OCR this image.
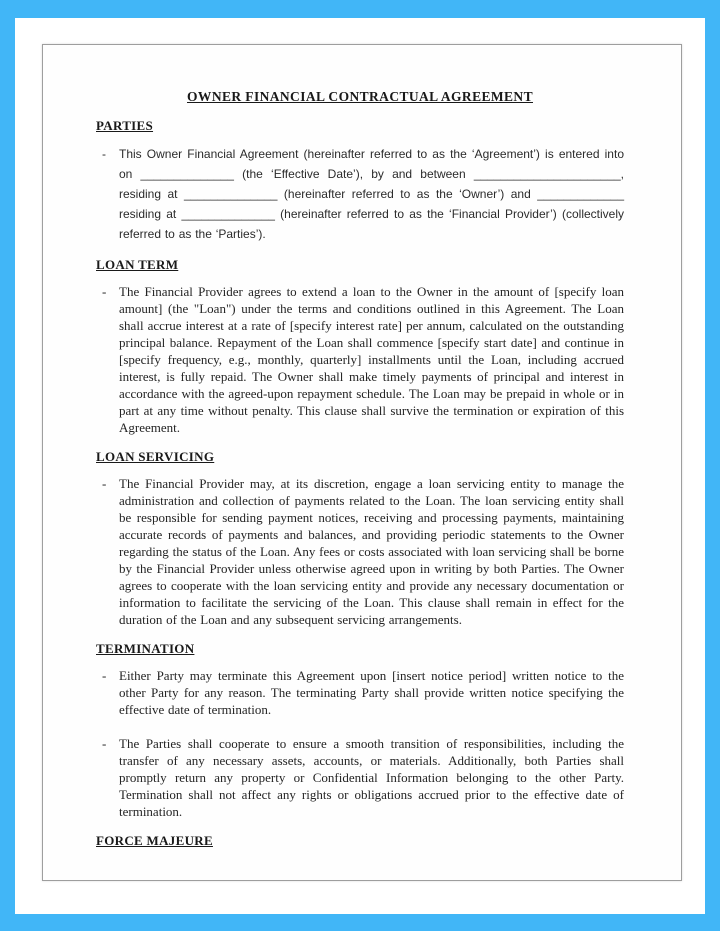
OWNER FINANCIAL CONTRACTUAL AGREEMENT
PARTIES
-	This Owner Financial Agreement (hereinafter referred to as the ‘Agreement’) is entered into on ______________ (the ‘Effective Date’), by and between ______________________, residing at ______________ (hereinafter referred to as the ‘Owner’) and _____________ residing at ______________ (hereinafter referred to as the ‘Financial Provider’) (collectively referred to as the ‘Parties’).

LOAN TERM
- The Financial Provider agrees to extend a loan to the Owner in the amount of [specify loan amount] (the "Loan") under the terms and conditions outlined in this Agreement. The Loan shall accrue interest at a rate of [specify interest rate] per annum, calculated on the outstanding principal balance. Repayment of the Loan shall commence [specify start date] and continue in [specify frequency, e.g., monthly, quarterly] installments until the Loan, including accrued interest, is fully repaid. The Owner shall make timely payments of principal and interest in accordance with the agreed-upon repayment schedule. The Loan may be prepaid in whole or in part at any time without penalty. This clause shall survive the termination or expiration of this Agreement.

LOAN SERVICING
- The Financial Provider may, at its discretion, engage a loan servicing entity to manage the administration and collection of payments related to the Loan. The loan servicing entity shall be responsible for sending payment notices, receiving and processing payments, maintaining accurate records of payments and balances, and providing periodic statements to the Owner regarding the status of the Loan. Any fees or costs associated with loan servicing shall be borne by the Financial Provider unless otherwise agreed upon in writing by both Parties. The Owner agrees to cooperate with the loan servicing entity and provide any necessary documentation or information to facilitate the servicing of the Loan. This clause shall remain in effect for the duration of the Loan and any subsequent servicing arrangements.

TERMINATION
- Either Party may terminate this Agreement upon [insert notice period] written notice to the other Party for any reason. The terminating Party shall provide written notice specifying the effective date of termination.

- The Parties shall cooperate to ensure a smooth transition of responsibilities, including the transfer of any necessary assets, accounts, or materials. Additionally, both Parties shall promptly return any property or Confidential Information belonging to the other Party. Termination shall not affect any rights or obligations accrued prior to the effective date of termination.

FORCE MAJEURE
